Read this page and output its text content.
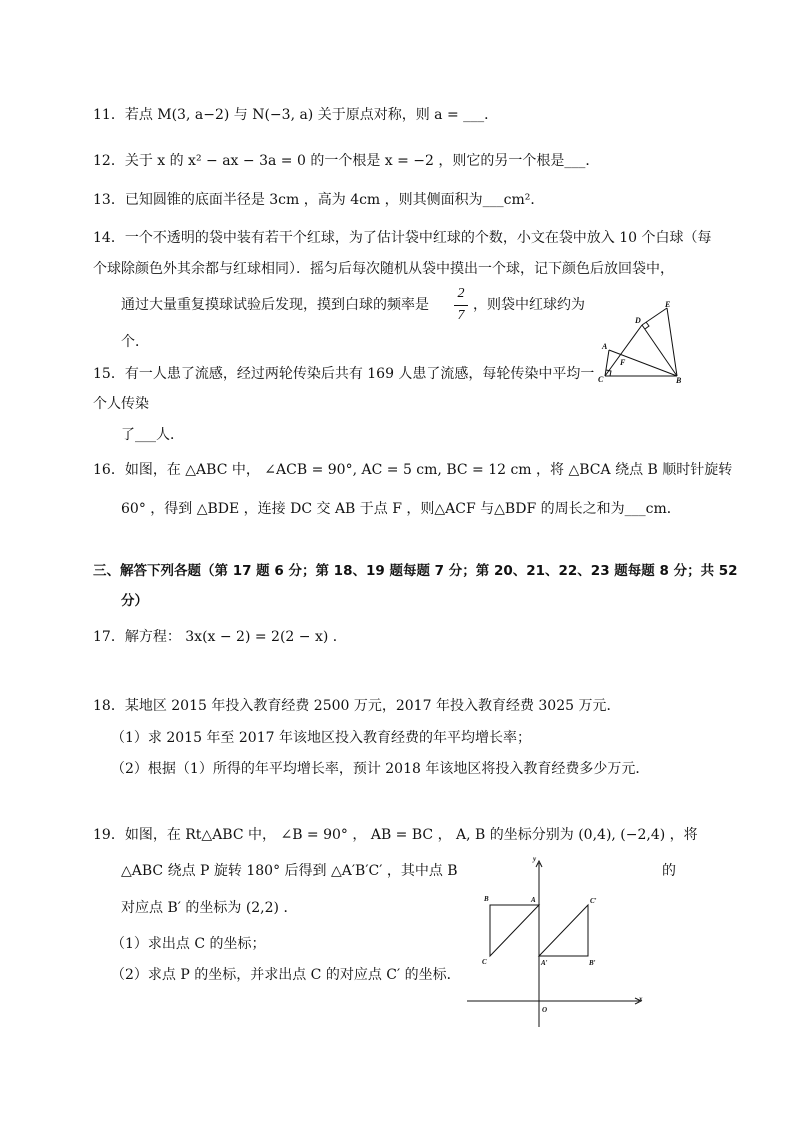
11．若点 M(3, a−2) 与 N(−3, a) 关于原点对称，则 a = ___．
12．关于 x 的 x² − ax − 3a = 0 的一个根是 x = −2 ，则它的另一个根是___．
13．已知圆锥的底面半径是 3cm ，高为 4cm ，则其侧面积为___cm²．
14．一个不透明的袋中装有若干个红球，为了估计袋中红球的个数，小文在袋中放入 10 个白球（每
个球除颜色外其余都与红球相同）．摇匀后每次随机从袋中摸出一个球，记下颜色后放回袋中，
通过大量重复摸球试验后发现，摸到白球的频率是
2
7
，则袋中红球约为
个．
15．有一人患了流感，经过两轮传染后共有 169 人患了流感，每轮传染中平均一
个人传染
了___人．
16．如图，在 △ABC 中， ∠ACB = 90°, AC = 5 cm, BC = 12 cm ，将 △BCA 绕点 B 顺时针旋转
60° ，得到 △BDE ，连接 DC 交 AB 于点 F ，则△ACF 与△BDF 的周长之和为___cm．
三、解答下列各题（第 17 题 6 分；第 18、19 题每题 7 分；第 20、21、22、23 题每题 8 分；共 52
分）
17．解方程： 3x(x − 2) = 2(2 − x) ．
18．某地区 2015 年投入教育经费 2500 万元，2017 年投入教育经费 3025 万元．
（1）求 2015 年至 2017 年该地区投入教育经费的年平均增长率；
（2）根据（1）所得的年平均增长率，预计 2018 年该地区将投入教育经费多少万元．
19．如图，在 Rt△ABC 中， ∠B = 90° ， AB = BC ， A, B 的坐标分别为 (0,4), (−2,4) ，将
△ABC 绕点 P 旋转 180° 后得到 △A′B′C′ ，其中点 B	的
对应点 B′ 的坐标为 (2,2) ．
（1）求出点 C 的坐标；
（2）求点 P 的坐标，并求出点 C 的对应点 C′ 的坐标．
E
D
A
F
C	B
y
x
O
B	A
C	A′	B′
C′
